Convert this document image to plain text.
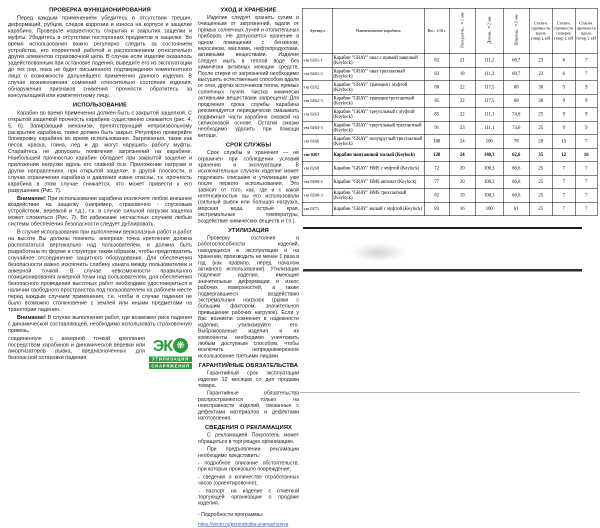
ПРОВЕРКА ФУНКЦИОНИРОВАНИЯ

Перед каждым применением убедитесь в отсутствии трещин, деформаций, рубцов, следов коррозии и износа на корпусе и защелке карабина. Проверьте корректность открытия и закрытия защелки и муфты. Убедитесь в отсутствии посторонних предметов в защелке. Во время использования важно регулярно следить за состоянием устройства, его корректной работой и расположением относительно других элементов страховочной цепи. В случае если изделие оказалось задействованным при остановке падения, выведите его из эксплуатации до тех пор, пока не будет письменного подтверждения компетентного лица о возможности дальнейшего применения данного изделия. В случае возникновения сомнений относительно состояния изделия, обнаружения признаков снижения прочности обратитесь за консультацией или компетентному лицу.

ИСПОЛЬЗОВАНИЕ

Карабин во время применения должен быть с закрытой защелкой. С открытой защелкой прочность карабина существенно снижается (рис. 4, 5, 6). Запирающий механизм, препятствующий непроизвольному раскрытию карабина, также должен быть закрыт. Регулярно проверяйте блокировку карабина во время использования. Загрязнения, такие как песок, краска, глина, лед и др. могут нарушить работу муфты. Старайтесь не допускать появления загрязнений на карабине. Наибольшей прочностью карабин обладает при закрытой защелке и приложении нагрузки вдоль его главной оси. Приложение нагрузки в других направлениях, при открытой защелке, в другой плоскости, в случае ограничения карабина и давления извне опасны, т.к. прочность карабина в этом случае снижается, что может привести к его разрушению (Рис. 7).

Внимание! При использовании карабина исключите любое внешнее воздействие на защелку (например, страховочно - спусковым устройством, веревкой и т.д.), т.к. в случае сильной нагрузки защелка может сломаться (Рис. 7). Во избежание несчастных случаев любые системы обеспечения безопасности следует дублировать.

В случае использования при выполнении верхолазных работ и работ на высоте Вы должны помнить: анкерная точка крепления должна располагаться вертикально над пользователем, и должна быть разработана по форме и структуре таким образом, чтобы предотвратить случайное отсоединение защитного оборудования. Для обеспечения безопасности важно исключить слабину каната между пользователем и анкерной точкой. В случае невозможности правильного позиционирования анкерной точки над пользователем, для обеспечения безопасного проведения высотных работ необходимо удостовериться в наличии свободного пространства под пользователем на рабочем месте перед каждым случаем применения, т.е. чтобы в случае падения не было возможно столкновение с землей или иными предметами на траектории падения.

Внимание! В случае выполнения работ, где возможен риск падения с динамической составляющей, необходимо использовать страховочную привязь,

соединенную с анкерной точкой крепления посредством карабинов и динамической веревки или амортизаторов рывка, предназначенных для безопасной остановки падения.

ЭК ❋
УТИЛИЗАЦИЯ
СНАРЯЖЕНИЯ
УХОД И ХРАНЕНИЕ

Изделие следует хранить сухим и очищенным от загрязнений, вдали от прямых солнечных лучей и отопительных приборов. Не допускается хранение в одном помещении с бензином, керосином, маслами, нефтепродуктами, активными веществами. Изделие следует мыть в теплой воде без химически активных моющих средств. После стирки от загрязнений необходимо высушить естественным способом вдали от огня, других источников тепла, прямых солнечных лучей. Чистка химически активными веществами запрещена! Для продления срока службы карабина рекомендуется периодически смазывать подвижные части карабина смазкой на силиконовой основе. Остатки смазки необходимо удалить при помощи ветоши.

СРОК СЛУЖБЫ

Срок службы и хранения — не ограничен при соблюдении условий хранения и эксплуатации. В исключительных случаях изделие может подлежать списанию и утилизации уже после первого использования. Это зависит от того, как, где и с какой интенсивностью вы его использовали (сильный рывок или большая нагрузка, морская вода, острые края, экстремальные температуры, воздействие химических веществ и т.п.).

УТИЛИЗАЦИЯ

Проверку состояния и работоспособности изделий, находящихся в эксплуатации и на хранении, производить не менее 1 раза в год (как правило, перед началом активного использования). Утилизации подлежат изделия, имеющие значительные деформации и износ рабочих поверхностей, а также подвергавшиеся воздействию экстремальных нагрузок (рывки с большим фактором, значительное превышение рабочих нагрузок). Если у Вас возникли сомнения в надежности изделия, утилизируйте его. Выбракованные изделия и их компоненты необходимо уничтожить любым доступным способом, чтобы исключить непреднамеренное использование третьими лицами.

ГАРАНТИЙНЫЕ ОБЯЗАТЕЛЬСТВА

Гарантийный срок эксплуатации изделия 12 месяцев со дня продажи товара.

Гарантийные обязательства распространяются только на неисправности изделий, связанные с дефектами материалов и дефектами изготовления.

СВЕДЕНИЯ О РЕКЛАМАЦИЯХ

С рекламацией Покупатель может обращаться в торгующую организацию.

При предъявлении рекламации необходимо представить:

- подробное описание обстоятельств, при которых произошло повреждение;

- сведения о количестве отработанных часов (ориентировочно);

- паспорт на изделие с отметкой торгующей организации о продаже изделия.

- Подробности программы:

https://vento.ru/pererabotka-snaryazheniya
Артикул	Наименование карабина	Вес, ±10 г	Раскрытие, ±1 мм	Длина, ±2 мм	Ширина, ±2 мм	Статич. прочность вдоль (закр.), кН	Статич. прочность поперек (закр.), кН	Статич. прочность вдоль (откр.), кН
vnt 0261-1	Карабин "GRAY" овал с прямой защелкой (Keylock)	82	21	111,2	60,7	23	6	7
vnt 0261-3	Карабин "GRAY" овал трехтактный (Keylock)	83	18	111,2	60,7	23	6	7
vnt 0262	Карабин "GRAY" трапеция с муфтой (Keylock)	80	22	117,5	68	30	9	9
vnt 0262-3	Карабин "GRAY" трапеция трехтактный (Keylock)	85	22	117,5	68	30	9	9
vnt 0263	Карабин "GRAY" треугольный с муфтой (Keylock)	85	22	111,1	74,6	25	9	9
vnt 0263-3	Карабин "GRAY" треугольный трехтактный (Keylock)	91	23	111,1	74,6	25	9	9
vnt 0266	Карабин "GRAY" полукруглый трехтактный (Keylock)	100	24	100	78	20	15	7
vnt 0267	Карабин монтажный малый (Keylock)	128	24	140,3	62,6	35	12	16
vnt 0268	Карабин "GRAY" HMS с муфтой (Keylock)	72	20	106,3	66,6	25	7	7
vnt 0268-2	Карабин "GRAY" HMS автомат (Keylock)	77	20	106,3	66,6	25	7	7
vnt 0268-3	Карабин "GRAY" HMS трехтактный (Keylock)	82	19	106,3	66,6	25	7	7
vnt 0271	Карабин "GRAY" малый с муфтой (Keylock)	83	16	100	61	25	7	7
